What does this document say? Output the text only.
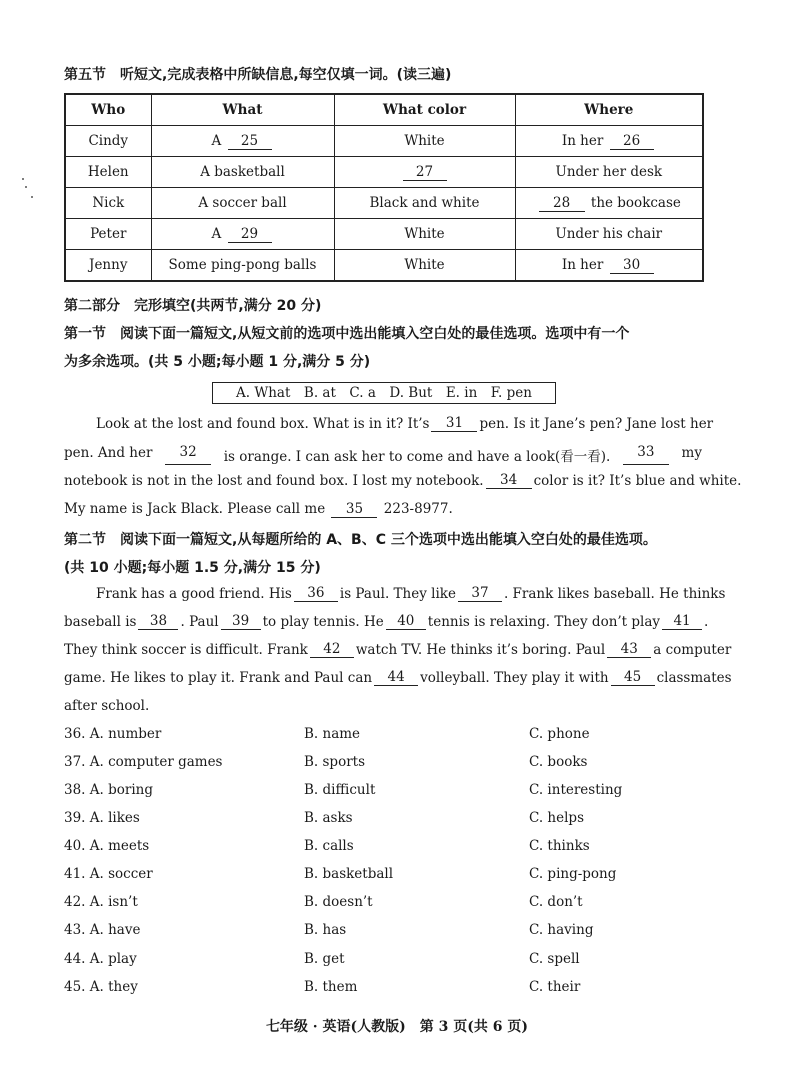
第五节　听短文,完成表格中所缺信息,每空仅填一词。(读三遍)
Who	What	What color	Where
Cindy	A 25	White	In her 26
Helen	A basketball	27	Under her desk
Nick	A soccer ball	Black and white	28 the bookcase
Peter	A 29	White	Under his chair
Jenny	Some ping-pong balls	White	In her 30
第二部分　完形填空(共两节,满分 20 分)
第一节　阅读下面一篇短文,从短文前的选项中选出能填入空白处的最佳选项。选项中有一个
为多余选项。(共 5 小题;每小题 1 分,满分 5 分)
A. What　B. at　C. a　D. But　E. in　F. pen
Look at the lost and found box. What is in it? It’s	31	pen. Is it Jane’s pen? Jane lost her
pen. And her	32	is orange. I can ask her to come and have a look(看一看).	33	my
notebook is not in the lost and found box. I lost my notebook.	34	color is it? It’s blue and white.
My name is Jack Black. Please call me 35 223-8977.
第二节　阅读下面一篇短文,从每题所给的 A、B、C 三个选项中选出能填入空白处的最佳选项。
(共 10 小题;每小题 1.5 分,满分 15 分)
Frank has a good friend. His	36	is Paul. They like	37	. Frank likes baseball. He thinks
baseball is 38 . Paul 39 to play tennis. He 40 tennis is relaxing. They don’t play 41 .
They think soccer is difficult. Frank	42	watch TV. He thinks it’s boring. Paul	43	a computer
game. He likes to play it. Frank and Paul can	44	volleyball. They play it with	45	classmates
after school.
36. A. number	B. name	C. phone
37. A. computer games	B. sports	C. books
38. A. boring	B. difficult	C. interesting
39. A. likes	B. asks	C. helps
40. A. meets	B. calls	C. thinks
41. A. soccer	B. basketball	C. ping-pong
42. A. isn’t	B. doesn’t	C. don’t
43. A. have	B. has	C. having
44. A. play	B. get	C. spell
45. A. they	B. them	C. their
七年级 · 英语(人教版)　第 3 页(共 6 页)
